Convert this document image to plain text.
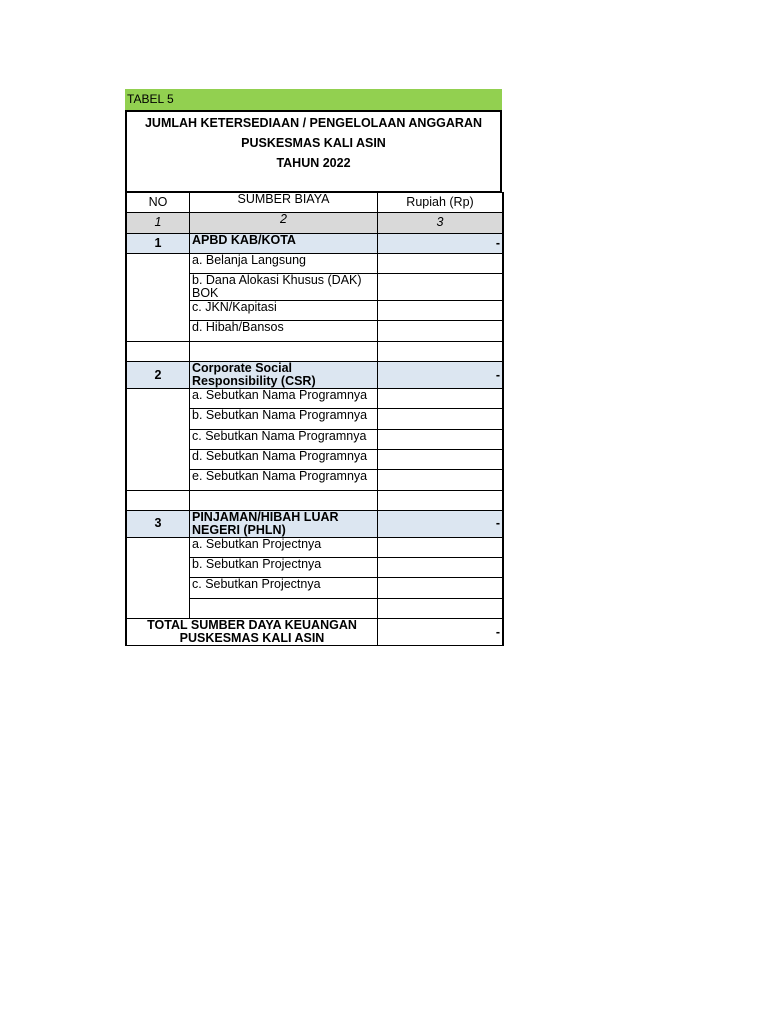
TABEL 5
JUMLAH KETERSEDIAAN / PENGELOLAAN ANGGARAN
PUSKESMAS KALI ASIN
TAHUN 2022
NO	SUMBER BIAYA	Rupiah (Rp)
1	2	3
1	APBD KAB/KOTA	-
	a. Belanja Langsung	
	b. Dana Alokasi Khusus (DAK) BOK	
	c. JKN/Kapitasi	
	d. Hibah/Bansos	

2	Corporate Social Responsibility (CSR)	-
	a. Sebutkan Nama Programnya	
	b. Sebutkan Nama Programnya	
	c. Sebutkan Nama Programnya	
	d. Sebutkan Nama Programnya	
	e. Sebutkan Nama Programnya	

3	PINJAMAN/HIBAH LUAR NEGERI (PHLN)	-
	a. Sebutkan Projectnya	
	b. Sebutkan Projectnya	
	c. Sebutkan Projectnya	

TOTAL SUMBER DAYA KEUANGAN PUSKESMAS KALI ASIN		-
